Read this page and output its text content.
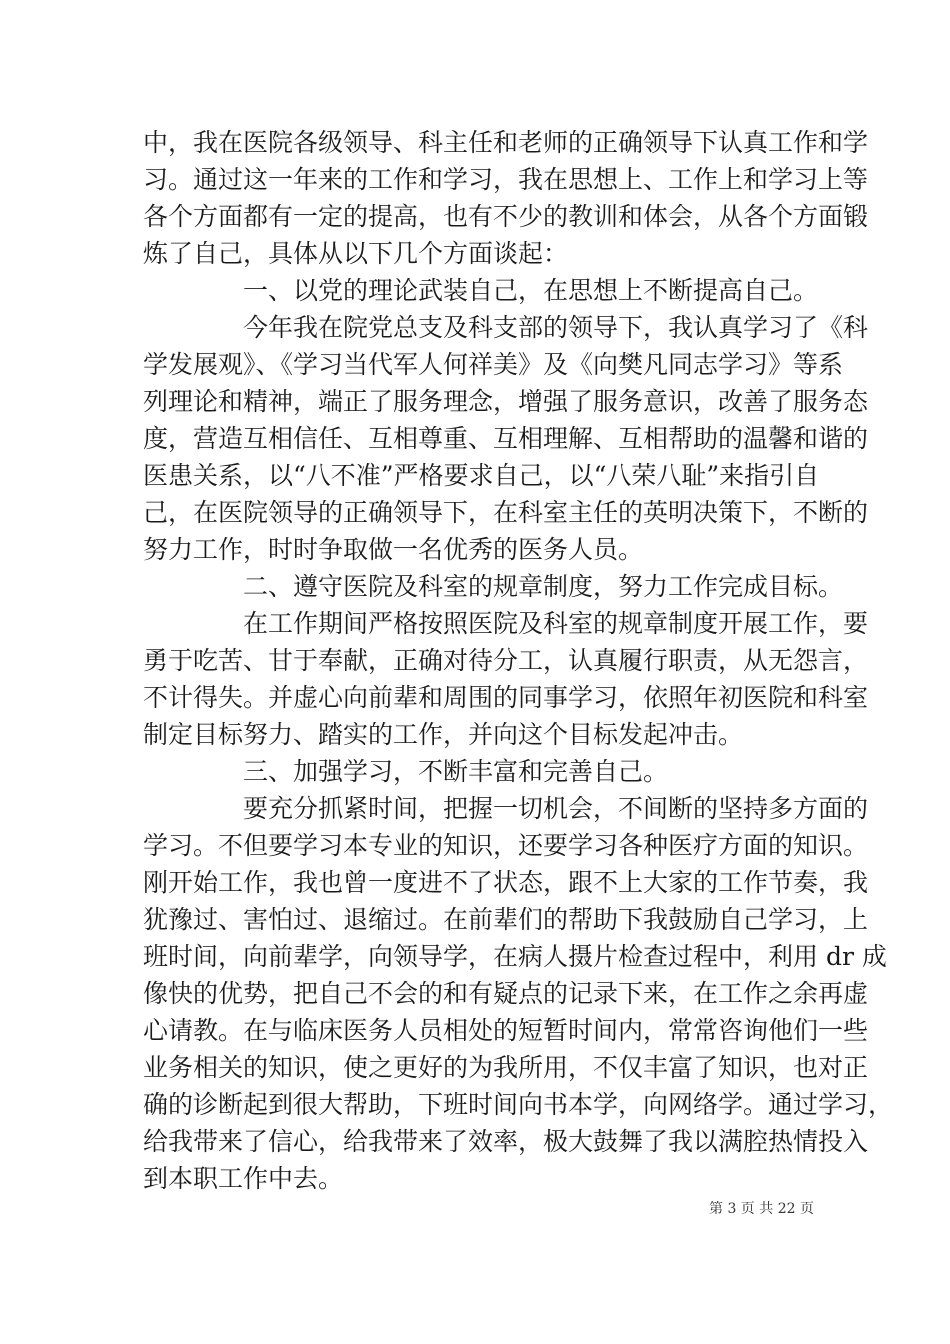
中，我在医院各级领导、科主任和老师的正确领导下认真工作和学
习。通过这一年来的工作和学习，我在思想上、工作上和学习上等
各个方面都有一定的提高，也有不少的教训和体会，从各个方面锻
炼了自己，具体从以下几个方面谈起：
一、以党的理论武装自己，在思想上不断提高自己。
今年我在院党总支及科支部的领导下，我认真学习了《科
学发展观》、《学习当代军人何祥美》及《向樊凡同志学习》等系
列理论和精神，端正了服务理念，增强了服务意识，改善了服务态
度，营造互相信任、互相尊重、互相理解、互相帮助的温馨和谐的
医患关系，以“八不准”严格要求自己，以“八荣八耻”来指引自
己，在医院领导的正确领导下，在科室主任的英明决策下，不断的
努力工作，时时争取做一名优秀的医务人员。
二、遵守医院及科室的规章制度，努力工作完成目标。
在工作期间严格按照医院及科室的规章制度开展工作，要
勇于吃苦、甘于奉献，正确对待分工，认真履行职责，从无怨言，
不计得失。并虚心向前辈和周围的同事学习，依照年初医院和科室
制定目标努力、踏实的工作，并向这个目标发起冲击。
三、加强学习，不断丰富和完善自己。
要充分抓紧时间，把握一切机会，不间断的坚持多方面的
学习。不但要学习本专业的知识，还要学习各种医疗方面的知识。
刚开始工作，我也曾一度进不了状态，跟不上大家的工作节奏，我
犹豫过、害怕过、退缩过。在前辈们的帮助下我鼓励自己学习，上
班时间，向前辈学，向领导学，在病人摄片检查过程中，利用 dr 成
像快的优势，把自己不会的和有疑点的记录下来，在工作之余再虚
心请教。在与临床医务人员相处的短暂时间内，常常咨询他们一些
业务相关的知识，使之更好的为我所用，不仅丰富了知识，也对正
确的诊断起到很大帮助，下班时间向书本学，向网络学。通过学习，
给我带来了信心，给我带来了效率，极大鼓舞了我以满腔热情投入
到本职工作中去。
第 3 页 共 22 页
